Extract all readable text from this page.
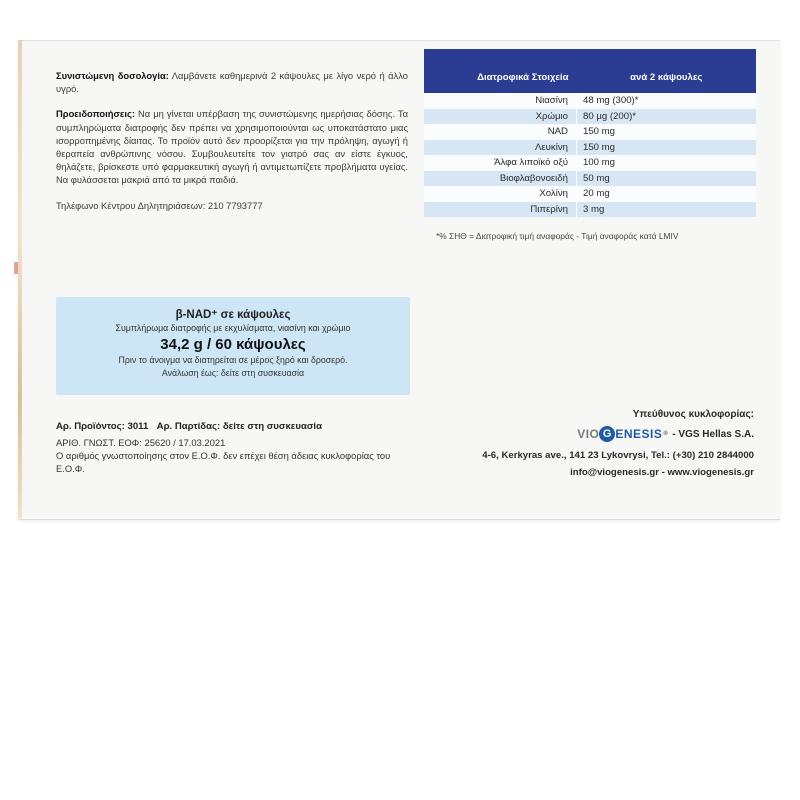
Συνιστώμενη δοσολογία: Λαμβάνετε καθημερινά 2 κάψουλες με λίγο νερό ή άλλο υγρό.

Προειδοποιήσεις: Να μη γίνεται υπέρβαση της συνιστώμενης ημερήσιας δόσης. Τα συμπληρώματα διατροφής δεν πρέπει να χρησιμοποιούνται ως υποκατάστατο μιας ισορροπημένης δίαιτας. Το προϊόν αυτό δεν προορίζεται για την πρόληψη, αγωγή ή θεραπεία ανθρώπινης νόσου. Συμβουλευτείτε τον γιατρό σας αν είστε έγκυος, θηλάζετε, βρίσκεστε υπό φαρμακευτική αγωγή ή αντιμετωπίζετε προβλήματα υγείας. Να φυλάσσεται μακριά από τα μικρά παιδιά.

Τηλέφωνο Κέντρου Δηλητηριάσεων: 210 7793777

β-NAD⁺ σε κάψουλες
Συμπλήρωμα διατροφής με εκχυλίσματα, νιασίνη και χρώμιο
34,2 g / 60 κάψουλες
Πριν το άνοιγμα να διατηρείται σε μέρος ξηρό και δροσερό.
Ανάλωση έως: δείτε στη συσκευασία
Αρ. Προϊόντος: 3011 Αρ. Παρτίδας: δείτε στη συσκευασία
ΑΡΙΘ. ΓΝΩΣΤ. ΕΟΦ: 25620 / 17.03.2021
Ο αριθμός γνωστοποίησης στον Ε.Ο.Φ. δεν επέχει θέση άδειας κυκλοφορίας του Ε.Ο.Φ.
Διατροφικά Στοιχεία	ανά 2 κάψουλες
Νιασίνη	48 mg (300)*
Χρώμιο	80 μg (200)*
NAD	150 mg
Λευκίνη	150 mg
Άλφα λιποϊκό οξύ	100 mg
Βιοφλαβονοειδή	50 mg
Χολίνη	20 mg
Πιπερίνη	3 mg
*% ΣΗΘ = Διατροφική τιμή αναφοράς - Τιμή αναφοράς κατά LMIV
Υπεύθυνος κυκλοφορίας:
VIO G ENESIS ® - VGS Hellas S.A.
4-6, Kerkyras ave., 141 23 Lykovrysi, Tel.: (+30) 210 2844000
info@viogenesis.gr - www.viogenesis.gr
